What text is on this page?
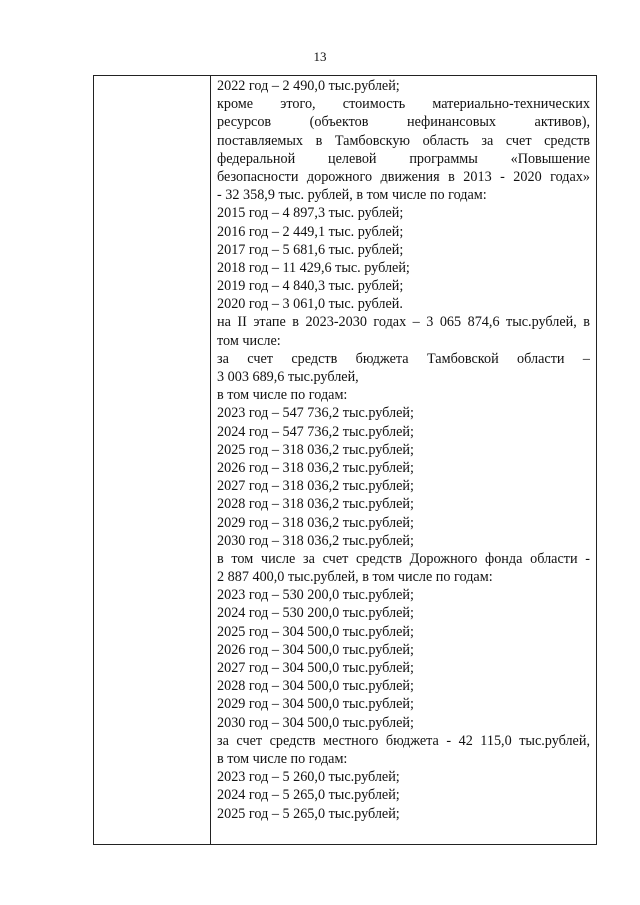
13
2022 год – 2 490,0 тыс.рублей;
кроме этого, стоимость материально-технических
ресурсов (объектов нефинансовых активов),
поставляемых в Тамбовскую область за счет средств
федеральной целевой программы «Повышение
безопасности дорожного движения в 2013 - 2020 годах»
- 32 358,9 тыс. рублей, в том числе по годам:
2015 год – 4 897,3 тыс. рублей;
2016 год – 2 449,1 тыс. рублей;
2017 год – 5 681,6 тыс. рублей;
2018 год – 11 429,6 тыс. рублей;
2019 год – 4 840,3 тыс. рублей;
2020 год – 3 061,0 тыс. рублей.
на II этапе в 2023-2030 годах – 3 065 874,6 тыс.рублей, в
том числе:
за счет средств бюджета Тамбовской области –
3 003 689,6 тыс.рублей,
в том числе по годам:
2023 год – 547 736,2 тыс.рублей;
2024 год – 547 736,2 тыс.рублей;
2025 год – 318 036,2 тыс.рублей;
2026 год – 318 036,2 тыс.рублей;
2027 год – 318 036,2 тыс.рублей;
2028 год – 318 036,2 тыс.рублей;
2029 год – 318 036,2 тыс.рублей;
2030 год – 318 036,2 тыс.рублей;
в том числе за счет средств Дорожного фонда области -
2 887 400,0 тыс.рублей, в том числе по годам:
2023 год – 530 200,0 тыс.рублей;
2024 год – 530 200,0 тыс.рублей;
2025 год – 304 500,0 тыс.рублей;
2026 год – 304 500,0 тыс.рублей;
2027 год – 304 500,0 тыс.рублей;
2028 год – 304 500,0 тыс.рублей;
2029 год – 304 500,0 тыс.рублей;
2030 год – 304 500,0 тыс.рублей;
за счет средств местного бюджета - 42 115,0 тыс.рублей,
в том числе по годам:
2023 год – 5 260,0 тыс.рублей;
2024 год – 5 265,0 тыс.рублей;
2025 год – 5 265,0 тыс.рублей;
